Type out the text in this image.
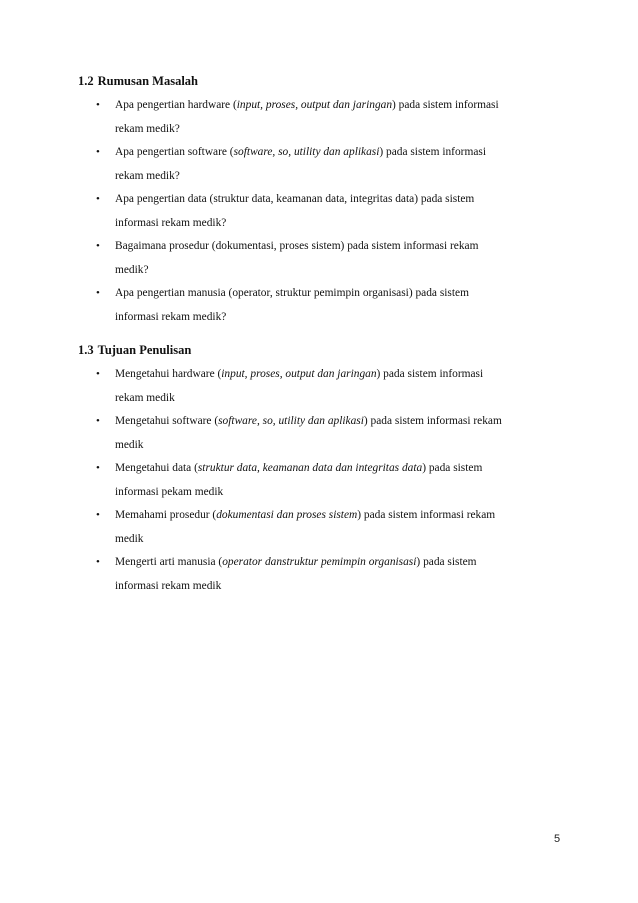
1.2 Rumusan Masalah
• Apa pengertian hardware (input, proses, output dan jaringan) pada sistem informasi
rekam medik?
• Apa pengertian software (software, so, utility dan aplikasi) pada sistem informasi
rekam medik?
• Apa pengertian data (struktur data, keamanan data, integritas data) pada sistem
informasi rekam medik?
• Bagaimana prosedur (dokumentasi, proses sistem) pada sistem informasi rekam
medik?
• Apa pengertian manusia (operator, struktur pemimpin organisasi) pada sistem
informasi rekam medik?
1.3 Tujuan Penulisan
• Mengetahui hardware (input, proses, output dan jaringan) pada sistem informasi
rekam medik
• Mengetahui software (software, so, utility dan aplikasi) pada sistem informasi rekam
medik
• Mengetahui data (struktur data, keamanan data dan integritas data) pada sistem
informasi pekam medik
• Memahami prosedur (dokumentasi dan proses sistem) pada sistem informasi rekam
medik
• Mengerti arti manusia (operator danstruktur pemimpin organisasi) pada sistem
informasi rekam medik
5
